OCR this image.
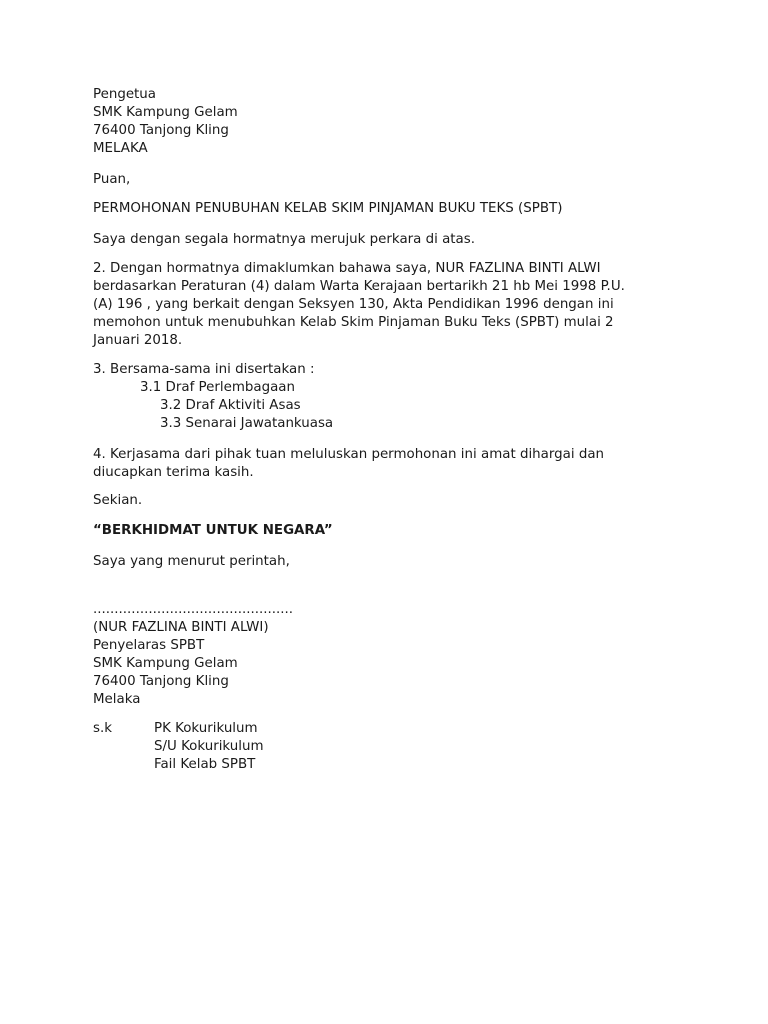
Pengetua
SMK Kampung Gelam
76400 Tanjong Kling
MELAKA
Puan,
PERMOHONAN PENUBUHAN KELAB SKIM PINJAMAN BUKU TEKS (SPBT)
Saya dengan segala hormatnya merujuk perkara di atas.
2. Dengan hormatnya dimaklumkan bahawa saya, NUR FAZLINA BINTI ALWI
berdasarkan Peraturan (4) dalam Warta Kerajaan bertarikh 21 hb Mei 1998 P.U.
(A) 196 , yang berkait dengan Seksyen 130, Akta Pendidikan 1996 dengan ini
memohon untuk menubuhkan Kelab Skim Pinjaman Buku Teks (SPBT) mulai 2
Januari 2018.
3. Bersama-sama ini disertakan :
3.1 Draf Perlembagaan
3.2 Draf Aktiviti Asas
3.3 Senarai Jawatankuasa
4. Kerjasama dari pihak tuan meluluskan permohonan ini amat dihargai dan
diucapkan terima kasih.
Sekian.
“BERKHIDMAT UNTUK NEGARA”
Saya yang menurut perintah,
...............................................
(NUR FAZLINA BINTI ALWI)
Penyelaras SPBT
SMK Kampung Gelam
76400 Tanjong Kling
Melaka
s.k	PK Kokurikulum
S/U Kokurikulum
Fail Kelab SPBT
